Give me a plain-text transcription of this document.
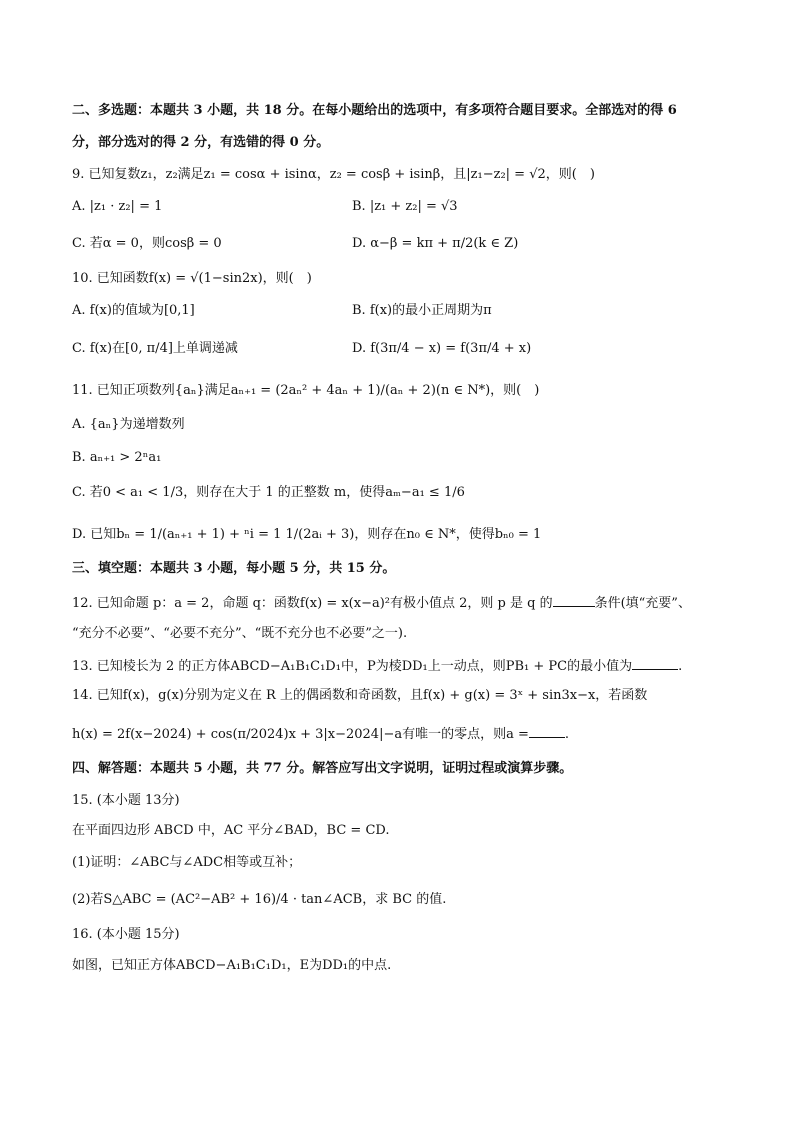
二、多选题：本题共 3 小题，共 18 分。在每小题给出的选项中，有多项符合题目要求。全部选对的得 6
分，部分选对的得 2 分，有选错的得 0 分。
9. 已知复数z₁，z₂满足z₁ = cosα + isinα，z₂ = cosβ + isinβ，且|z₁−z₂| = √2，则(　)
A. |z₁ · z₂| = 1	B. |z₁ + z₂| = √3
C. 若α = 0，则cosβ = 0	D. α−β = kπ + π/2(k ∈ Z)
10. 已知函数f(x) = √(1−sin2x)，则(　)
A. f(x)的值域为[0,1]	B. f(x)的最小正周期为π
C. f(x)在[0, π/4]上单调递减	D. f(3π/4 − x) = f(3π/4 + x)
11. 已知正项数列{aₙ}满足aₙ₊₁ = (2aₙ² + 4aₙ + 1)/(aₙ + 2)(n ∈ N*)，则(　)
A. {aₙ}为递增数列
B. aₙ₊₁ > 2ⁿa₁
C. 若0 < a₁ < 1/3，则存在大于 1 的正整数 m，使得aₘ−a₁ ≤ 1/6
D. 已知bₙ = 1/(aₙ₊₁ + 1) + ⁿi = 1 1/(2aᵢ + 3)，则存在n₀ ∈ N*，使得bₙ₀ = 1
三、填空题：本题共 3 小题，每小题 5 分，共 15 分。
12. 已知命题 p：a = 2，命题 q：函数f(x) = x(x−a)²有极小值点 2，则 p 是 q 的	条件(填“充要”、
“充分不必要”、“必要不充分”、“既不充分也不必要”之一).
13. 已知棱长为 2 的正方体ABCD−A₁B₁C₁D₁中，P为棱DD₁上一动点，则PB₁ + PC的最小值为	.
14. 已知f(x)，g(x)分别为定义在 R 上的偶函数和奇函数，且f(x) + g(x) = 3ˣ + sin3x−x，若函数
h(x) = 2f(x−2024) + cos(π/2024)x + 3|x−2024|−a有唯一的零点，则a =	.
四、解答题：本题共 5 小题，共 77 分。解答应写出文字说明，证明过程或演算步骤。
15. (本小题 13分)
在平面四边形 ABCD 中，AC 平分∠BAD，BC = CD.
(1)证明：∠ABC与∠ADC相等或互补；
(2)若S△ABC = (AC²−AB² + 16)/4 · tan∠ACB，求 BC 的值.
16. (本小题 15分)
如图，已知正方体ABCD−A₁B₁C₁D₁，E为DD₁的中点.
